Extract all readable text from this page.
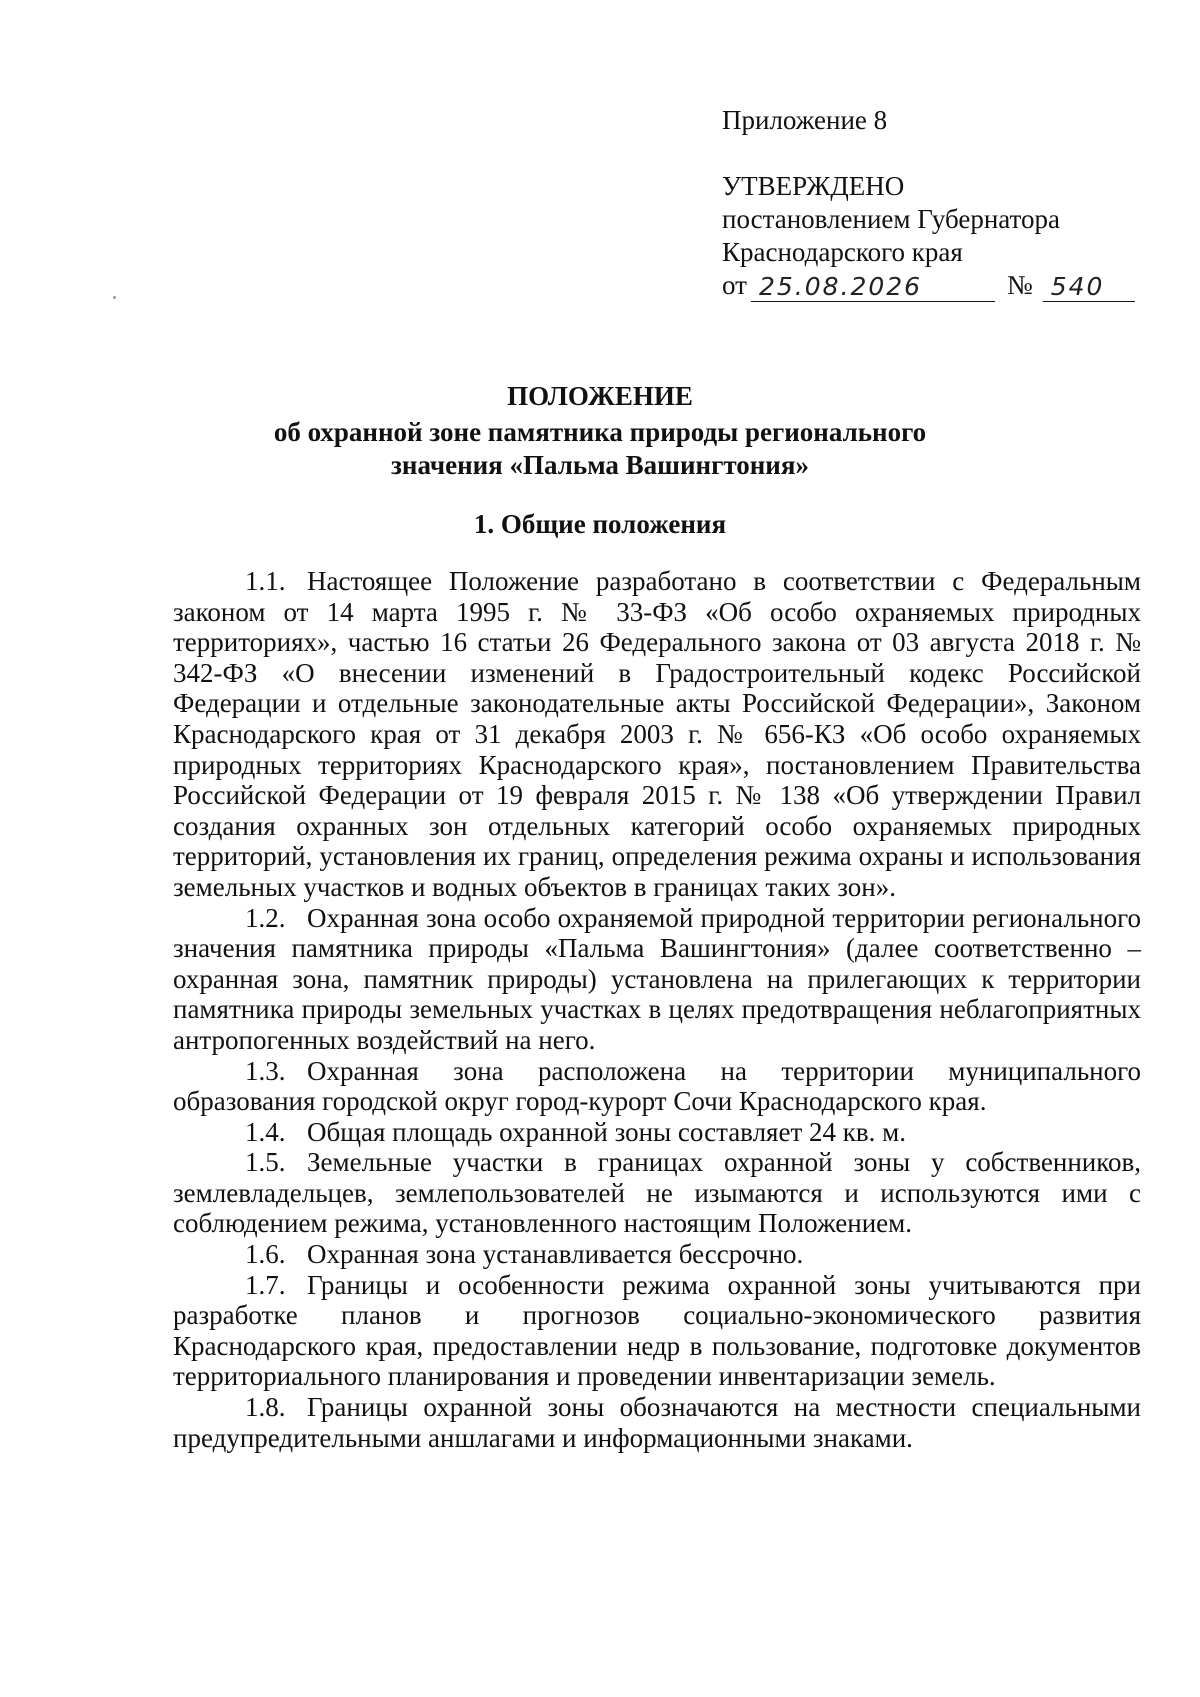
Приложение 8
УТВЕРЖДЕНО
постановлением Губернатора
Краснодарского края
от 25.08.2026	№ 540
ПОЛОЖЕНИЕ
об охранной зоне памятника природы регионального
значения «Пальма Вашингтония»
1. Общие положения

1.1. Настоящее Положение разработано в соответствии с Федеральным законом от 14 марта 1995 г. № 33-ФЗ «Об особо охраняемых природных территориях», частью 16 статьи 26 Федерального закона от 03 августа 2018 г. № 342-ФЗ «О внесении изменений в Градостроительный кодекс Российской Федерации и отдельные законодательные акты Российской Федерации», Законом Краснодарского края от 31 декабря 2003 г. № 656-КЗ «Об особо охраняемых природных территориях Краснодарского края», постановлением Правительства Российской Федерации от 19 февраля 2015 г. № 138 «Об утверждении Правил создания охранных зон отдельных категорий особо охраняемых природных территорий, установления их границ, определения режима охраны и использования земельных участков и водных объектов в границах таких зон».

1.2. Охранная зона особо охраняемой природной территории регионального значения памятника природы «Пальма Вашингтония» (далее соответственно – охранная зона, памятник природы) установлена на прилегающих к территории памятника природы земельных участках в целях предотвращения неблагоприятных антропогенных воздействий на него.

1.3. Охранная зона расположена на территории муниципального образования городской округ город-курорт Сочи Краснодарского края.

1.4. Общая площадь охранной зоны составляет 24 кв. м.

1.5. Земельные участки в границах охранной зоны у собственников, землевладельцев, землепользователей не изымаются и используются ими с соблюдением режима, установленного настоящим Положением.

1.6. Охранная зона устанавливается бессрочно.

1.7. Границы и особенности режима охранной зоны учитываются при разработке планов и прогнозов социально-экономического развития Краснодарского края, предоставлении недр в пользование, подготовке документов территориального планирования и проведении инвентаризации земель.

1.8. Границы охранной зоны обозначаются на местности специальными предупредительными аншлагами и информационными знаками.
